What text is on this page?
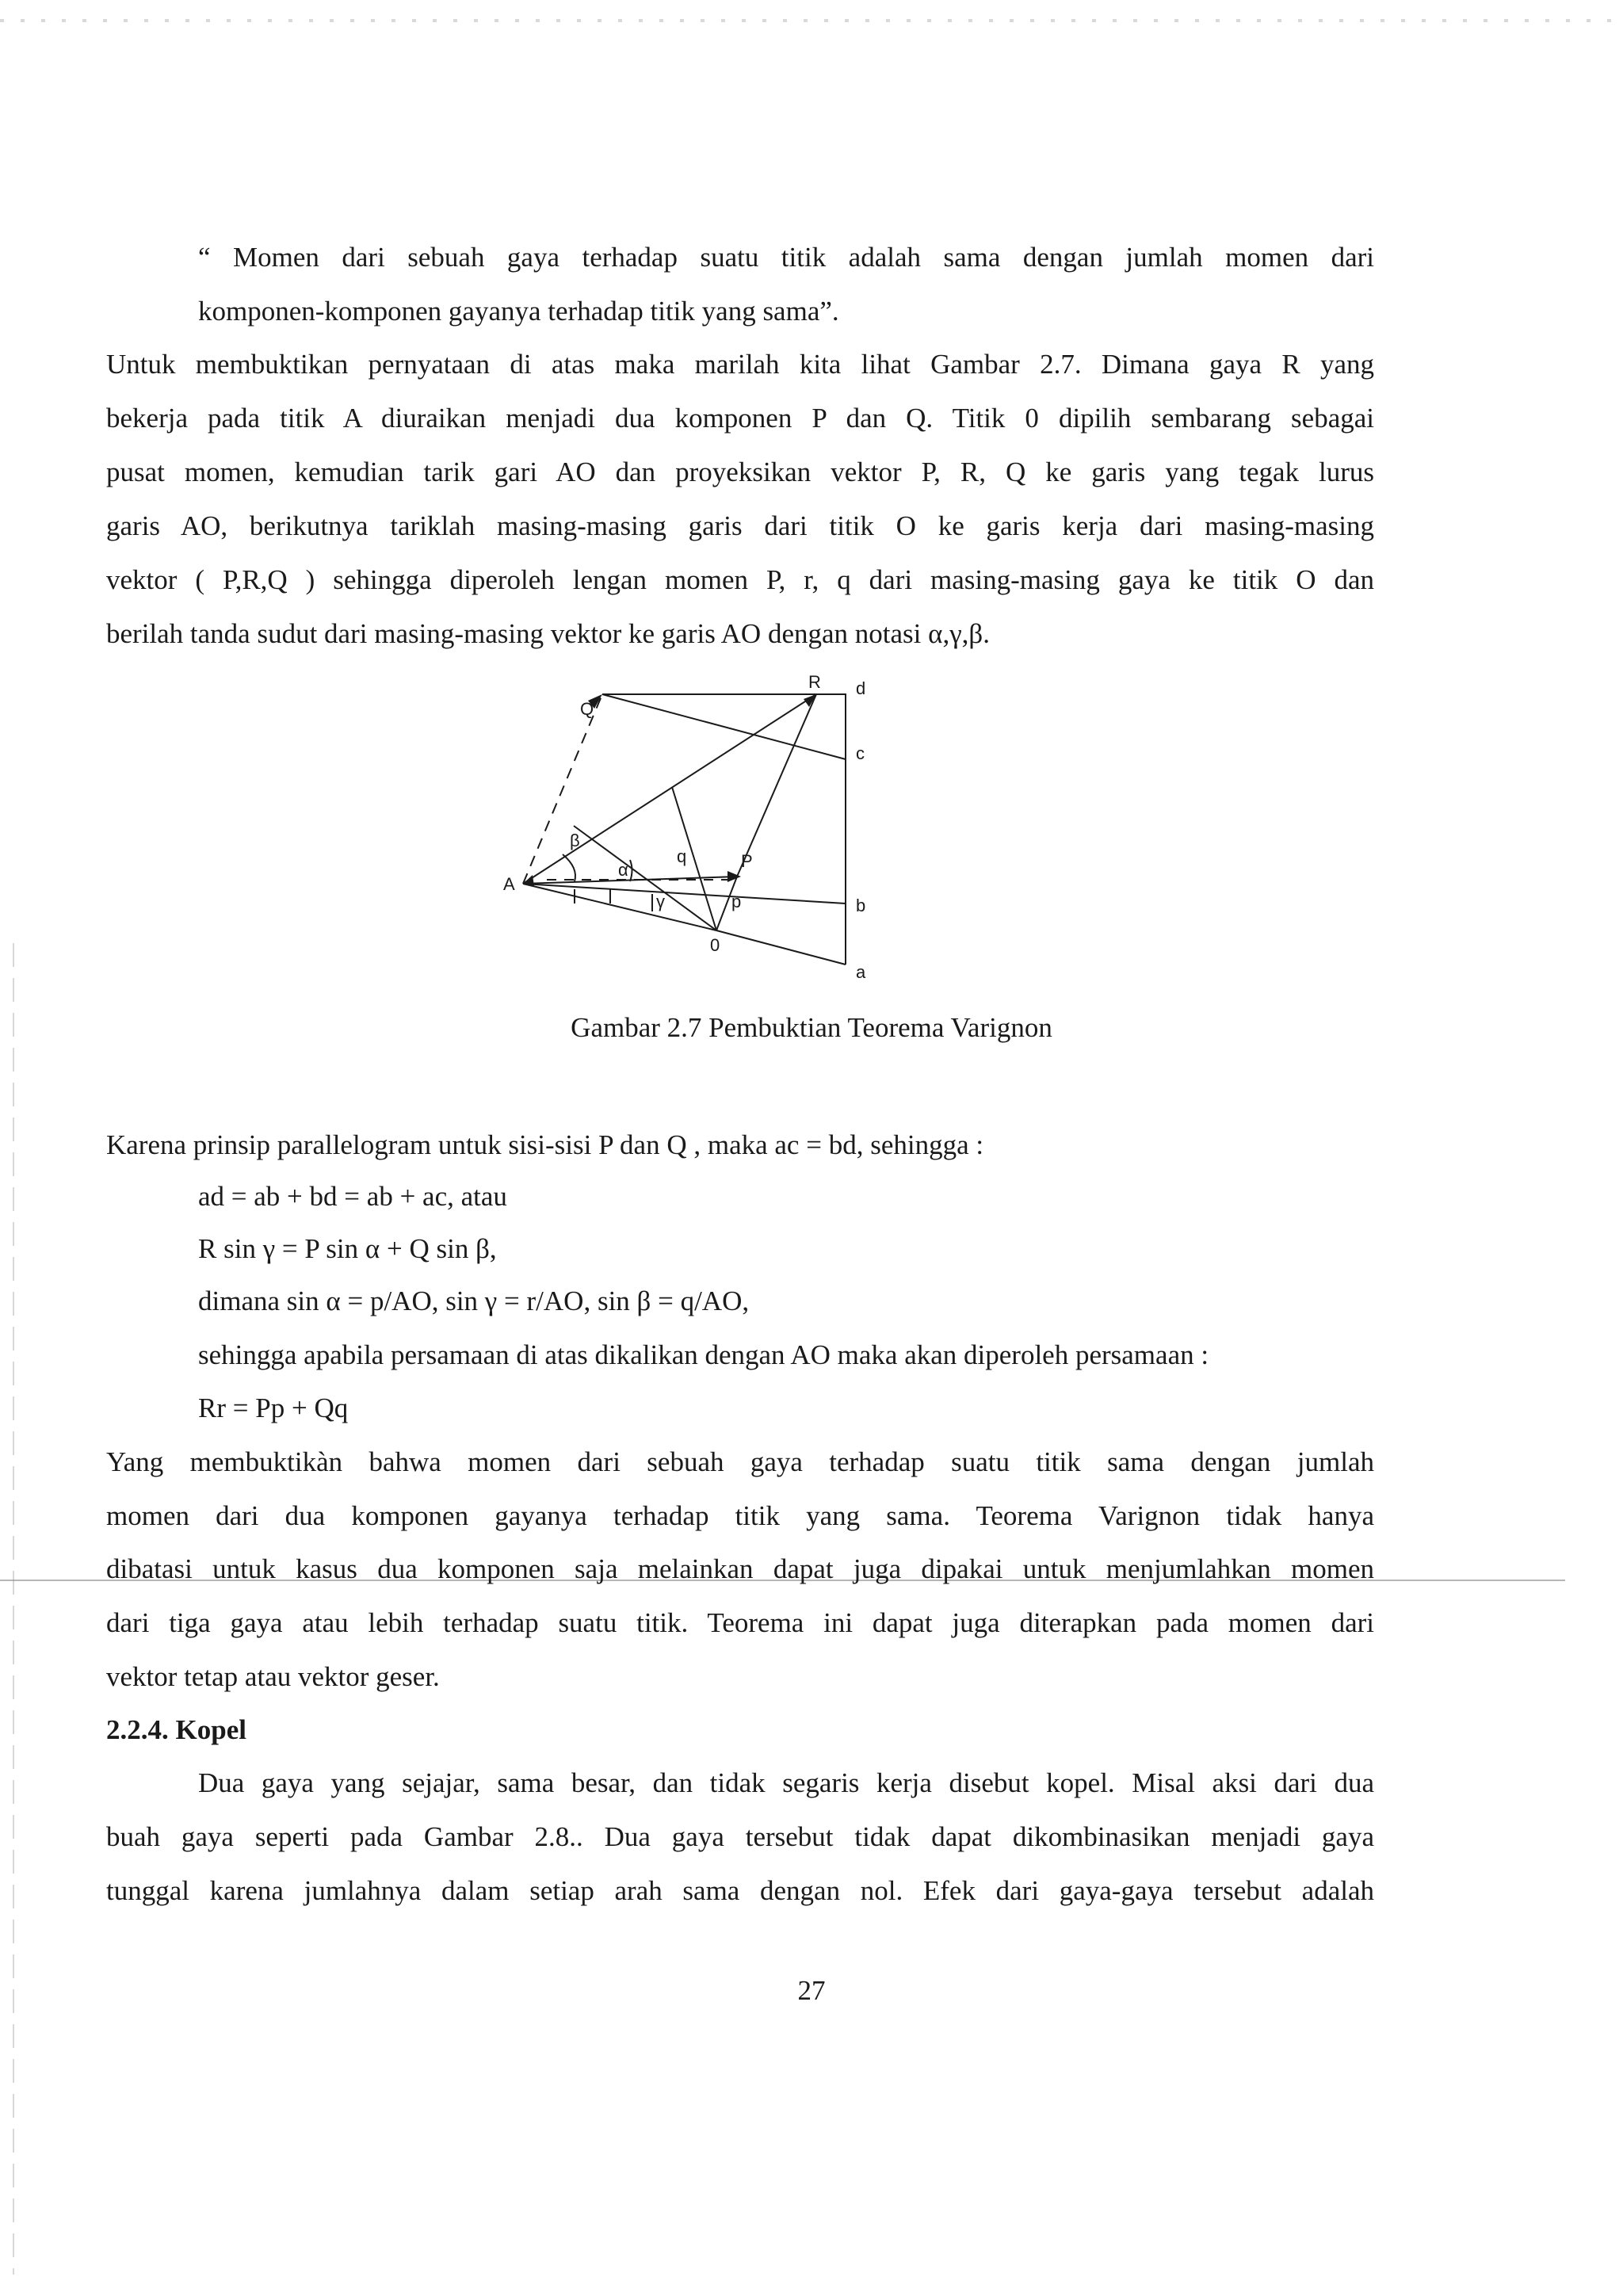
“ Momen dari sebuah gaya terhadap suatu titik adalah sama dengan jumlah momen dari
komponen-komponen gayanya terhadap titik yang sama”.
Untuk membuktikan pernyataan di atas maka marilah kita lihat Gambar 2.7. Dimana gaya R yang
bekerja pada titik A diuraikan menjadi dua komponen P dan Q. Titik 0 dipilih sembarang sebagai
pusat momen, kemudian tarik gari AO dan proyeksikan vektor P, R, Q ke garis yang tegak lurus
garis AO, berikutnya tariklah masing-masing garis dari titik O ke garis kerja dari masing-masing
vektor ( P,R,Q ) sehingga diperoleh lengan momen P, r, q dari masing-masing gaya ke titik O dan
berilah tanda sudut dari masing-masing vektor ke garis AO dengan notasi α,γ,β.
R d
Q
c
β
q
α	P
A
γ	p	b
0
a
Gambar 2.7 Pembuktian Teorema Varignon
Karena prinsip parallelogram untuk sisi-sisi P dan Q , maka ac = bd, sehingga :
ad = ab + bd = ab + ac, atau
R sin γ = P sin α + Q sin β,
dimana sin α = p/AO, sin γ = r/AO, sin β = q/AO,
sehingga apabila persamaan di atas dikalikan dengan AO maka akan diperoleh persamaan :
Rr = Pp + Qq
Yang membuktikàn bahwa momen dari sebuah gaya terhadap suatu titik sama dengan jumlah
momen dari dua komponen gayanya terhadap titik yang sama. Teorema Varignon tidak hanya
dibatasi untuk kasus dua komponen saja melainkan dapat juga dipakai untuk menjumlahkan momen
dari tiga gaya atau lebih terhadap suatu titik. Teorema ini dapat juga diterapkan pada momen dari
vektor tetap atau vektor geser.
2.2.4. Kopel
Dua gaya yang sejajar, sama besar, dan tidak segaris kerja disebut kopel. Misal aksi dari dua
buah gaya seperti pada Gambar 2.8.. Dua gaya tersebut tidak dapat dikombinasikan menjadi gaya
tunggal karena jumlahnya dalam setiap arah sama dengan nol. Efek dari gaya-gaya tersebut adalah
27
